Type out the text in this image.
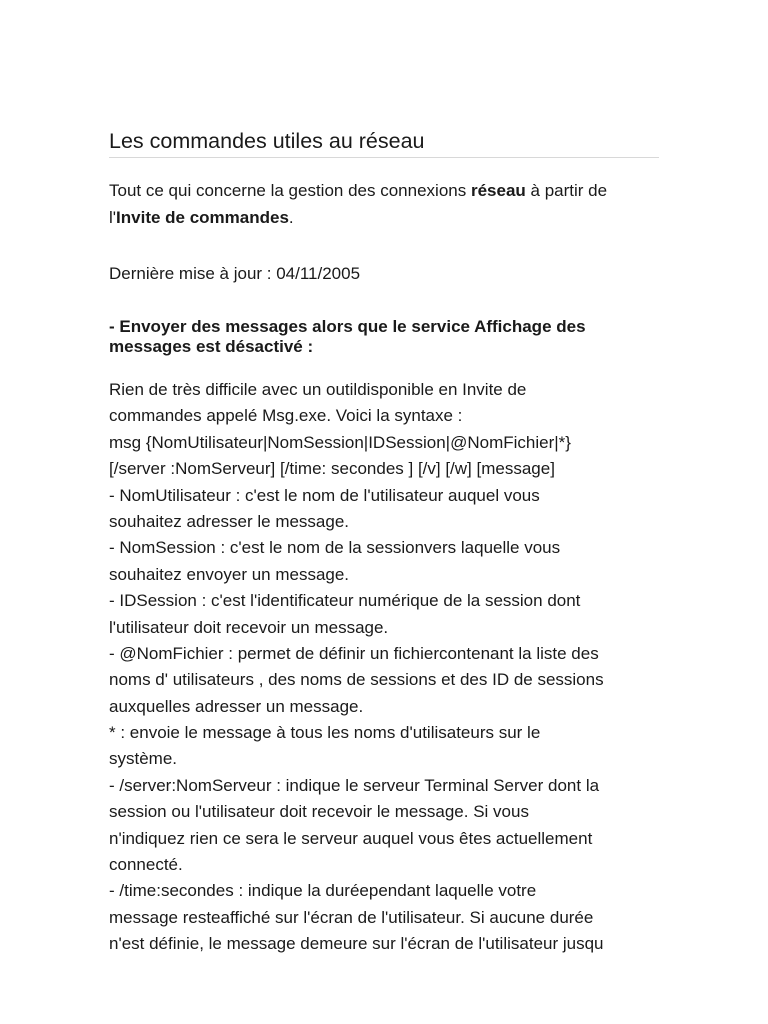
Les commandes utiles au réseau

Tout ce qui concerne la gestion des connexions réseau à partir de l'Invite de commandes.

Dernière mise à jour : 04/11/2005

- Envoyer des messages alors que le service Affichage des messages est désactivé :
Rien de très difficile avec un outildisponible en Invite de
commandes appelé Msg.exe. Voici la syntaxe :
msg {NomUtilisateur|NomSession|IDSession|@NomFichier|*}
[/server :NomServeur] [/time: secondes ] [/v] [/w] [message]
- NomUtilisateur : c'est le nom de l'utilisateur auquel vous
souhaitez adresser le message.
- NomSession : c'est le nom de la sessionvers laquelle vous
souhaitez envoyer un message.
- IDSession : c'est l'identificateur numérique de la session dont
l'utilisateur doit recevoir un message.
- @NomFichier : permet de définir un fichiercontenant la liste des
noms d' utilisateurs , des noms de sessions et des ID de sessions
auxquelles adresser un message.
* : envoie le message à tous les noms d'utilisateurs sur le
système.
- /server:NomServeur : indique le serveur Terminal Server dont la
session ou l'utilisateur doit recevoir le message. Si vous
n'indiquez rien ce sera le serveur auquel vous êtes actuellement
connecté.
- /time:secondes : indique la duréependant laquelle votre
message resteaffiché sur l'écran de l'utilisateur. Si aucune durée
n'est définie, le message demeure sur l'écran de l'utilisateur jusqu
